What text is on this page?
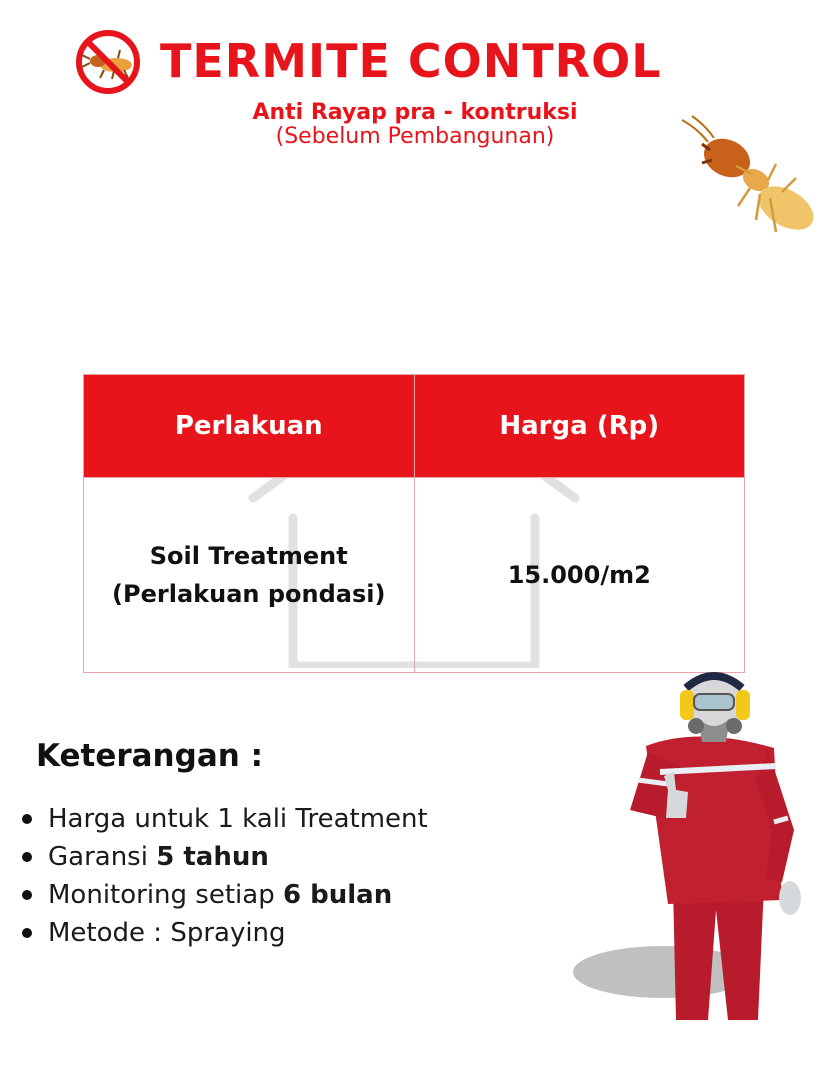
TERMITE CONTROL
Anti Rayap pra - kontruksi
(Sebelum Pembangunan)
Perlakuan	Harga (Rp)

Soil Treatment
(Perlakuan pondasi)	15.000/m2
Keterangan :
Harga untuk 1 kali Treatment
Garansi 5 tahun
Monitoring setiap 6 bulan
Metode : Spraying
